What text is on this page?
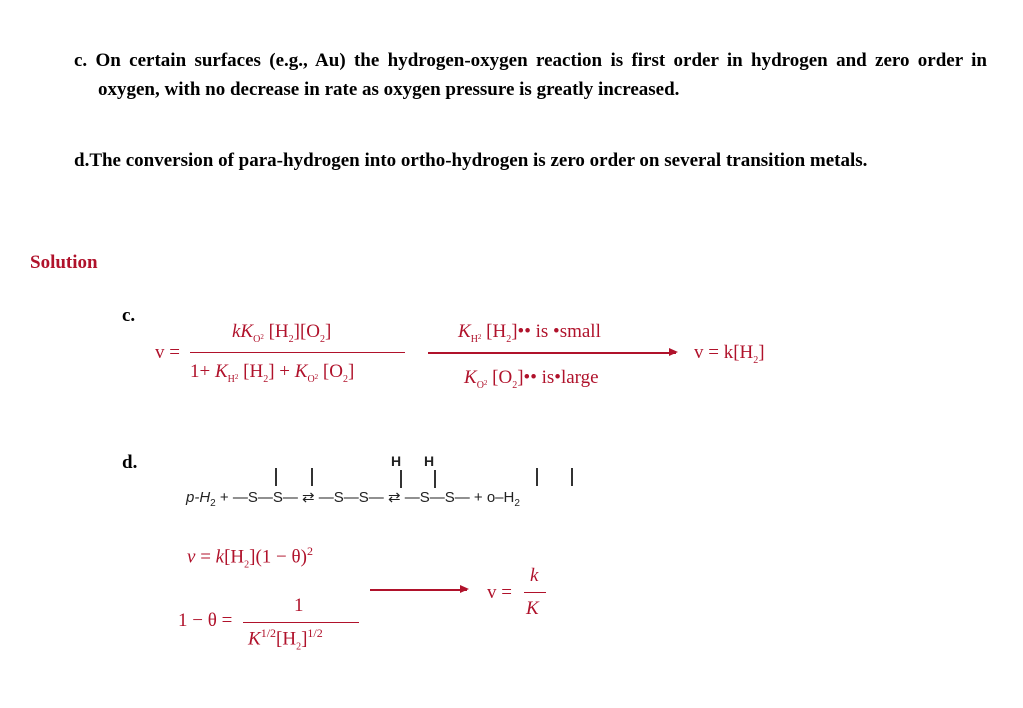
c. On certain surfaces (e.g., Au) the hydrogen-oxygen reaction is first order in hydrogen and zero order in oxygen, with no decrease in rate as oxygen pressure is greatly increased.
d.The conversion of para-hydrogen into ortho-hydrogen is zero order on several transition metals.
Solution
c.
d.
v =
$kK_{O2}$ $[H_2][O_2]$
$1+ K_{H2}$ $[H_2] + K_{O2}$ $[O_2]$
$K_{H2}$ $[H_2]••$ is •small
$K_{O2}$ $[O_2]••$ is•large
$v = k[H_2]$
H H
$p-H_2$ + —S—S— ⇄ —S—S— ⇄ —S—S— + $o-H_2$
$v = k[H_2](1 - \theta)^2$
1 − θ =
1
$K^{1/2}[H_2]^{1/2}$
v =
k
K
